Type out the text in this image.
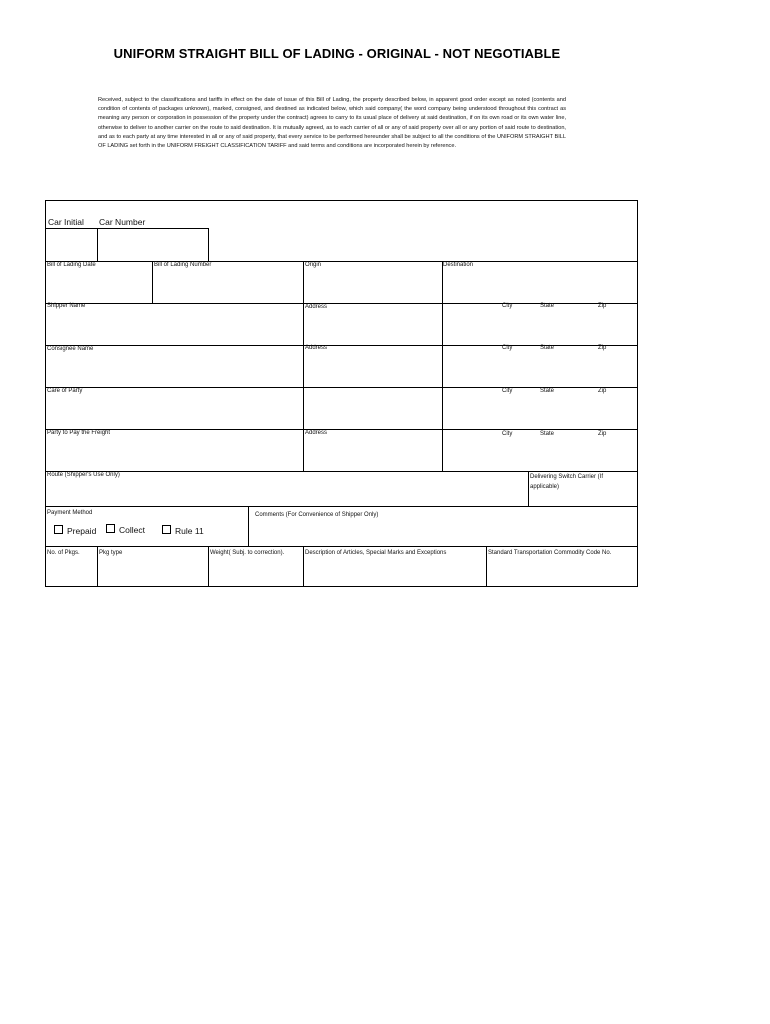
UNIFORM STRAIGHT BILL OF LADING - ORIGINAL - NOT NEGOTIABLE
Received, subject to the classifications and tariffs in effect on the date of issue of this Bill of Lading, the property described below, in apparent good order except as noted (contents and condition of contents of packages unknown), marked, consigned, and destined as indicated below, which said company( the word company being understood throughout this contract as meaning any person or corporation in possession of the property under the contract) agrees to carry to its usual place of delivery at said destination, if on its own road or its own water line, otherwise to deliver to another carrier on the route to said destination. It is mutually agreed, as to each carrier of all or any of said property over all or any portion of said route to destination, and as to each party at any time interested in all or any of said property, that every service to be performed hereunder shall be subject to all the conditions of the UNIFORM STRAIGHT BILL OF LADING set forth in the UNIFORM FREIGHT CLASSIFICATION TARIFF and said terms and conditions are incorporated herein by reference.
Car Initial Car Number
Bill of Lading Date	Bill of Lading Number	Origin	Destination
Shipper Name	Address	City	State	Zip
Consignee Name	Address	City	State	Zip
Care of Party	City	State	Zip
Party to Pay the Freight	Address	City	State	Zip
Route (Shipper's Use Only)	Delivering Switch Carrier (If applicable)
Payment Method	Comments (For Convenience of Shipper Only)
Prepaid	Collect	Rule 11
No. of Pkgs.	Pkg type	Weight( Subj. to correction).	Description of Articles, Special Marks and Exceptions	Standard Transportation Commodity Code No.
